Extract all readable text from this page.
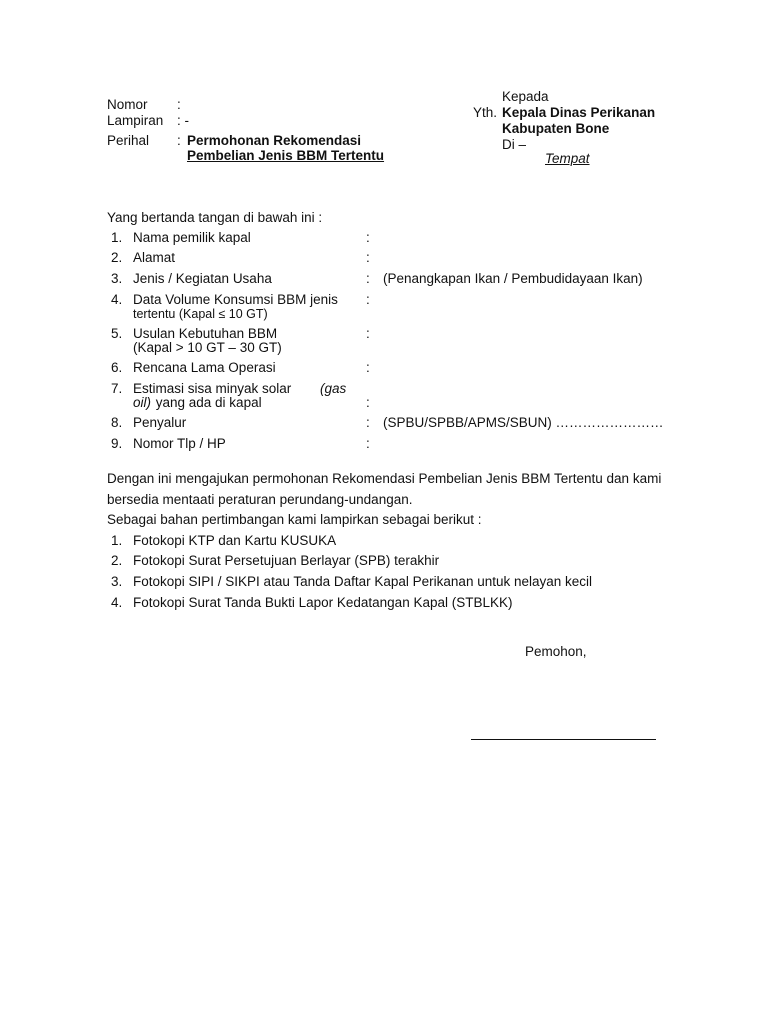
Nomor :
Lampiran : -
Perihal : Permohonan Rekomendasi
Pembelian Jenis BBM Tertentu
Kepada
Yth. Kepala Dinas Perikanan
Kabupaten Bone
Di –
Tempat
Yang bertanda tangan di bawah ini :
1. Nama pemilik kapal	:
2. Alamat	:
3. Jenis / Kegiatan Usaha	: (Penangkapan Ikan / Pembudidayaan Ikan)
4. Data Volume Konsumsi BBM jenis
tertentu (Kapal ≤ 10 GT)
:
5. Usulan Kebutuhan BBM
(Kapal > 10 GT – 30 GT)
:
6. Rencana Lama Operasi	:
7. Estimasi sisa minyak solar (gas
oil) yang ada di kapal	:
8. Penyalur	: (SPBU/SPBB/APMS/SBUN) ……………………
9. Nomor Tlp / HP	:
Dengan ini mengajukan permohonan Rekomendasi Pembelian Jenis BBM Tertentu dan kami
bersedia mentaati peraturan perundang-undangan.
Sebagai bahan pertimbangan kami lampirkan sebagai berikut :
1. Fotokopi KTP dan Kartu KUSUKA
2. Fotokopi Surat Persetujuan Berlayar (SPB) terakhir
3. Fotokopi SIPI / SIKPI atau Tanda Daftar Kapal Perikanan untuk nelayan kecil
4. Fotokopi Surat Tanda Bukti Lapor Kedatangan Kapal (STBLKK)
Pemohon,
